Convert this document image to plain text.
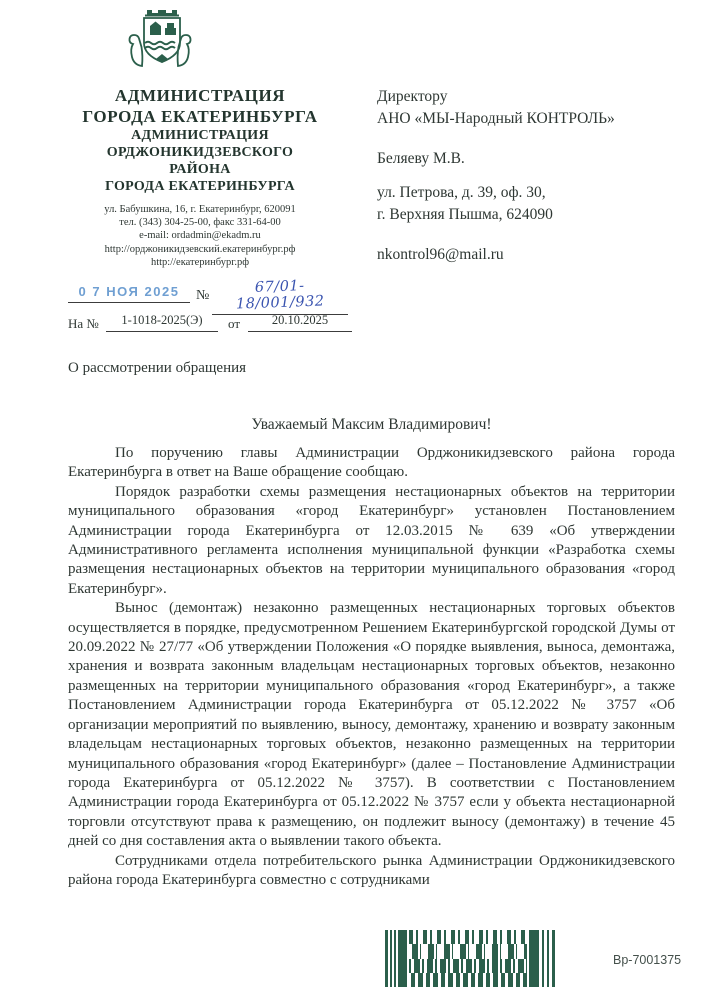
АДМИНИСТРАЦИЯ
ГОРОДА ЕКАТЕРИНБУРГА
АДМИНИСТРАЦИЯ
ОРДЖОНИКИДЗЕВСКОГО
РАЙОНА
ГОРОДА ЕКАТЕРИНБУРГА
ул. Бабушкина, 16, г. Екатеринбург, 620091
тел. (343) 304-25-00, факс 331-64-00
e-mail: ordadmin@ekadm.ru
http://орджоникидзевский.екатеринбург.рф
http://екатеринбург.рф
0 7 НОЯ 2025	№	67/01-18/001/932
На №	1-1018-2025(Э)	от	20.10.2025
Директору
АНО «МЫ-Народный КОНТРОЛЬ»
Беляеву М.В.
ул. Петрова, д. 39, оф. 30,
г. Верхняя Пышма, 624090
nkontrol96@mail.ru
О рассмотрении обращения
Уважаемый Максим Владимирович!

По поручению главы Администрации Орджоникидзевского района города Екатеринбурга в ответ на Ваше обращение сообщаю.

Порядок разработки схемы размещения нестационарных объектов на территории муниципального образования «город Екатеринбург» установлен Постановлением Администрации города Екатеринбурга от 12.03.2015 № 639 «Об утверждении Административного регламента исполнения муниципальной функции «Разработка схемы размещения нестационарных объектов на территории муниципального образования «город Екатеринбург».

Вынос (демонтаж) незаконно размещенных нестационарных торговых объектов осуществляется в порядке, предусмотренном Решением Екатеринбургской городской Думы от 20.09.2022 № 27/77 «Об утверждении Положения «О порядке выявления, выноса, демонтажа, хранения и возврата законным владельцам нестационарных торговых объектов, незаконно размещенных на территории муниципального образования «город Екатеринбург», а также Постановлением Администрации города Екатеринбурга от 05.12.2022 № 3757 «Об организации мероприятий по выявлению, выносу, демонтажу, хранению и возврату законным владельцам нестационарных торговых объектов, незаконно размещенных на территории муниципального образования «город Екатеринбург» (далее – Постановление Администрации города Екатеринбурга от 05.12.2022 № 3757). В соответствии с Постановлением Администрации города Екатеринбурга от 05.12.2022 № 3757 если у объекта нестационарной торговли отсутствуют права к размещению, он подлежит выносу (демонтажу) в течение 45 дней со дня составления акта о выявлении такого объекта.

Сотрудниками отдела потребительского рынка Администрации Орджоникидзевского района города Екатеринбурга совместно с сотрудниками

Вр-7001375
